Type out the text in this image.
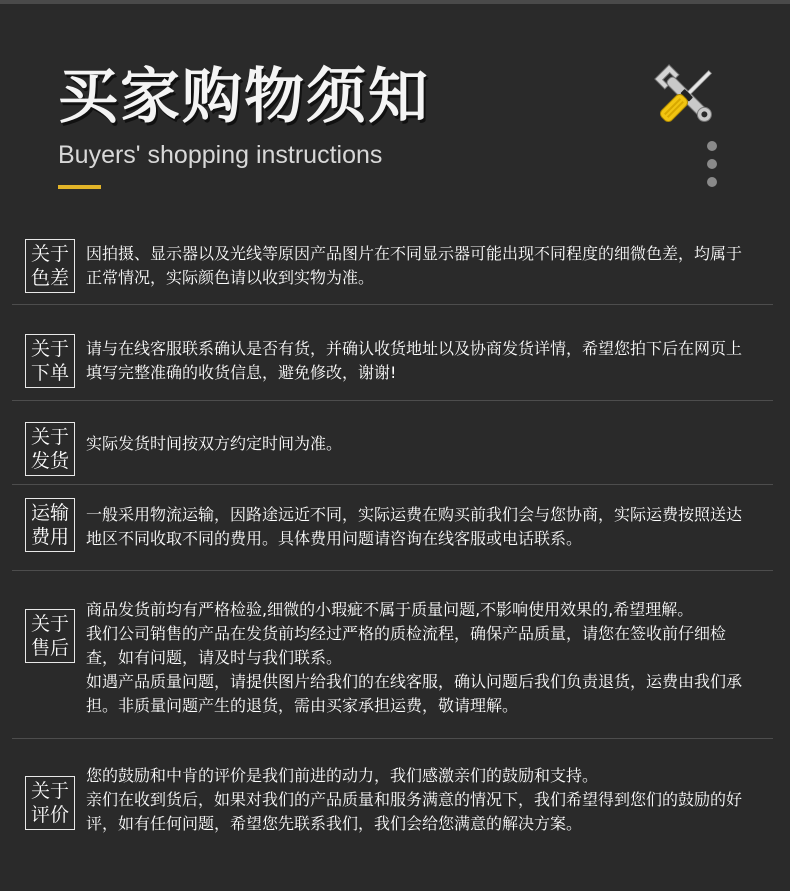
买家购物须知
Buyers' shopping instructions
关于
色差
因拍摄、显示器以及光线等原因产品图片在不同显示器可能出现不同程度的细微色差，均属于正常情况，实际颜色请以收到实物为准。
关于
下单
请与在线客服联系确认是否有货，并确认收货地址以及协商发货详情，希望您拍下后在网页上填写完整准确的收货信息，避免修改，谢谢!
关于
发货
实际发货时间按双方约定时间为准。
运输
费用
一般采用物流运输，因路途远近不同，实际运费在购买前我们会与您协商，实际运费按照送达地区不同收取不同的费用。具体费用问题请咨询在线客服或电话联系。
关于
售后

商品发货前均有严格检验,细微的小瑕疵不属于质量问题,不影响使用效果的,希望理解。

我们公司销售的产品在发货前均经过严格的质检流程，确保产品质量，请您在签收前仔细检查，如有问题，请及时与我们联系。

如遇产品质量问题，请提供图片给我们的在线客服，确认问题后我们负责退货，运费由我们承担。非质量问题产生的退货，需由买家承担运费，敬请理解。

关于
评价

您的鼓励和中肯的评价是我们前进的动力，我们感激亲们的鼓励和支持。

亲们在收到货后，如果对我们的产品质量和服务满意的情况下，我们希望得到您们的鼓励的好评，如有任何问题，希望您先联系我们，我们会给您满意的解决方案。
